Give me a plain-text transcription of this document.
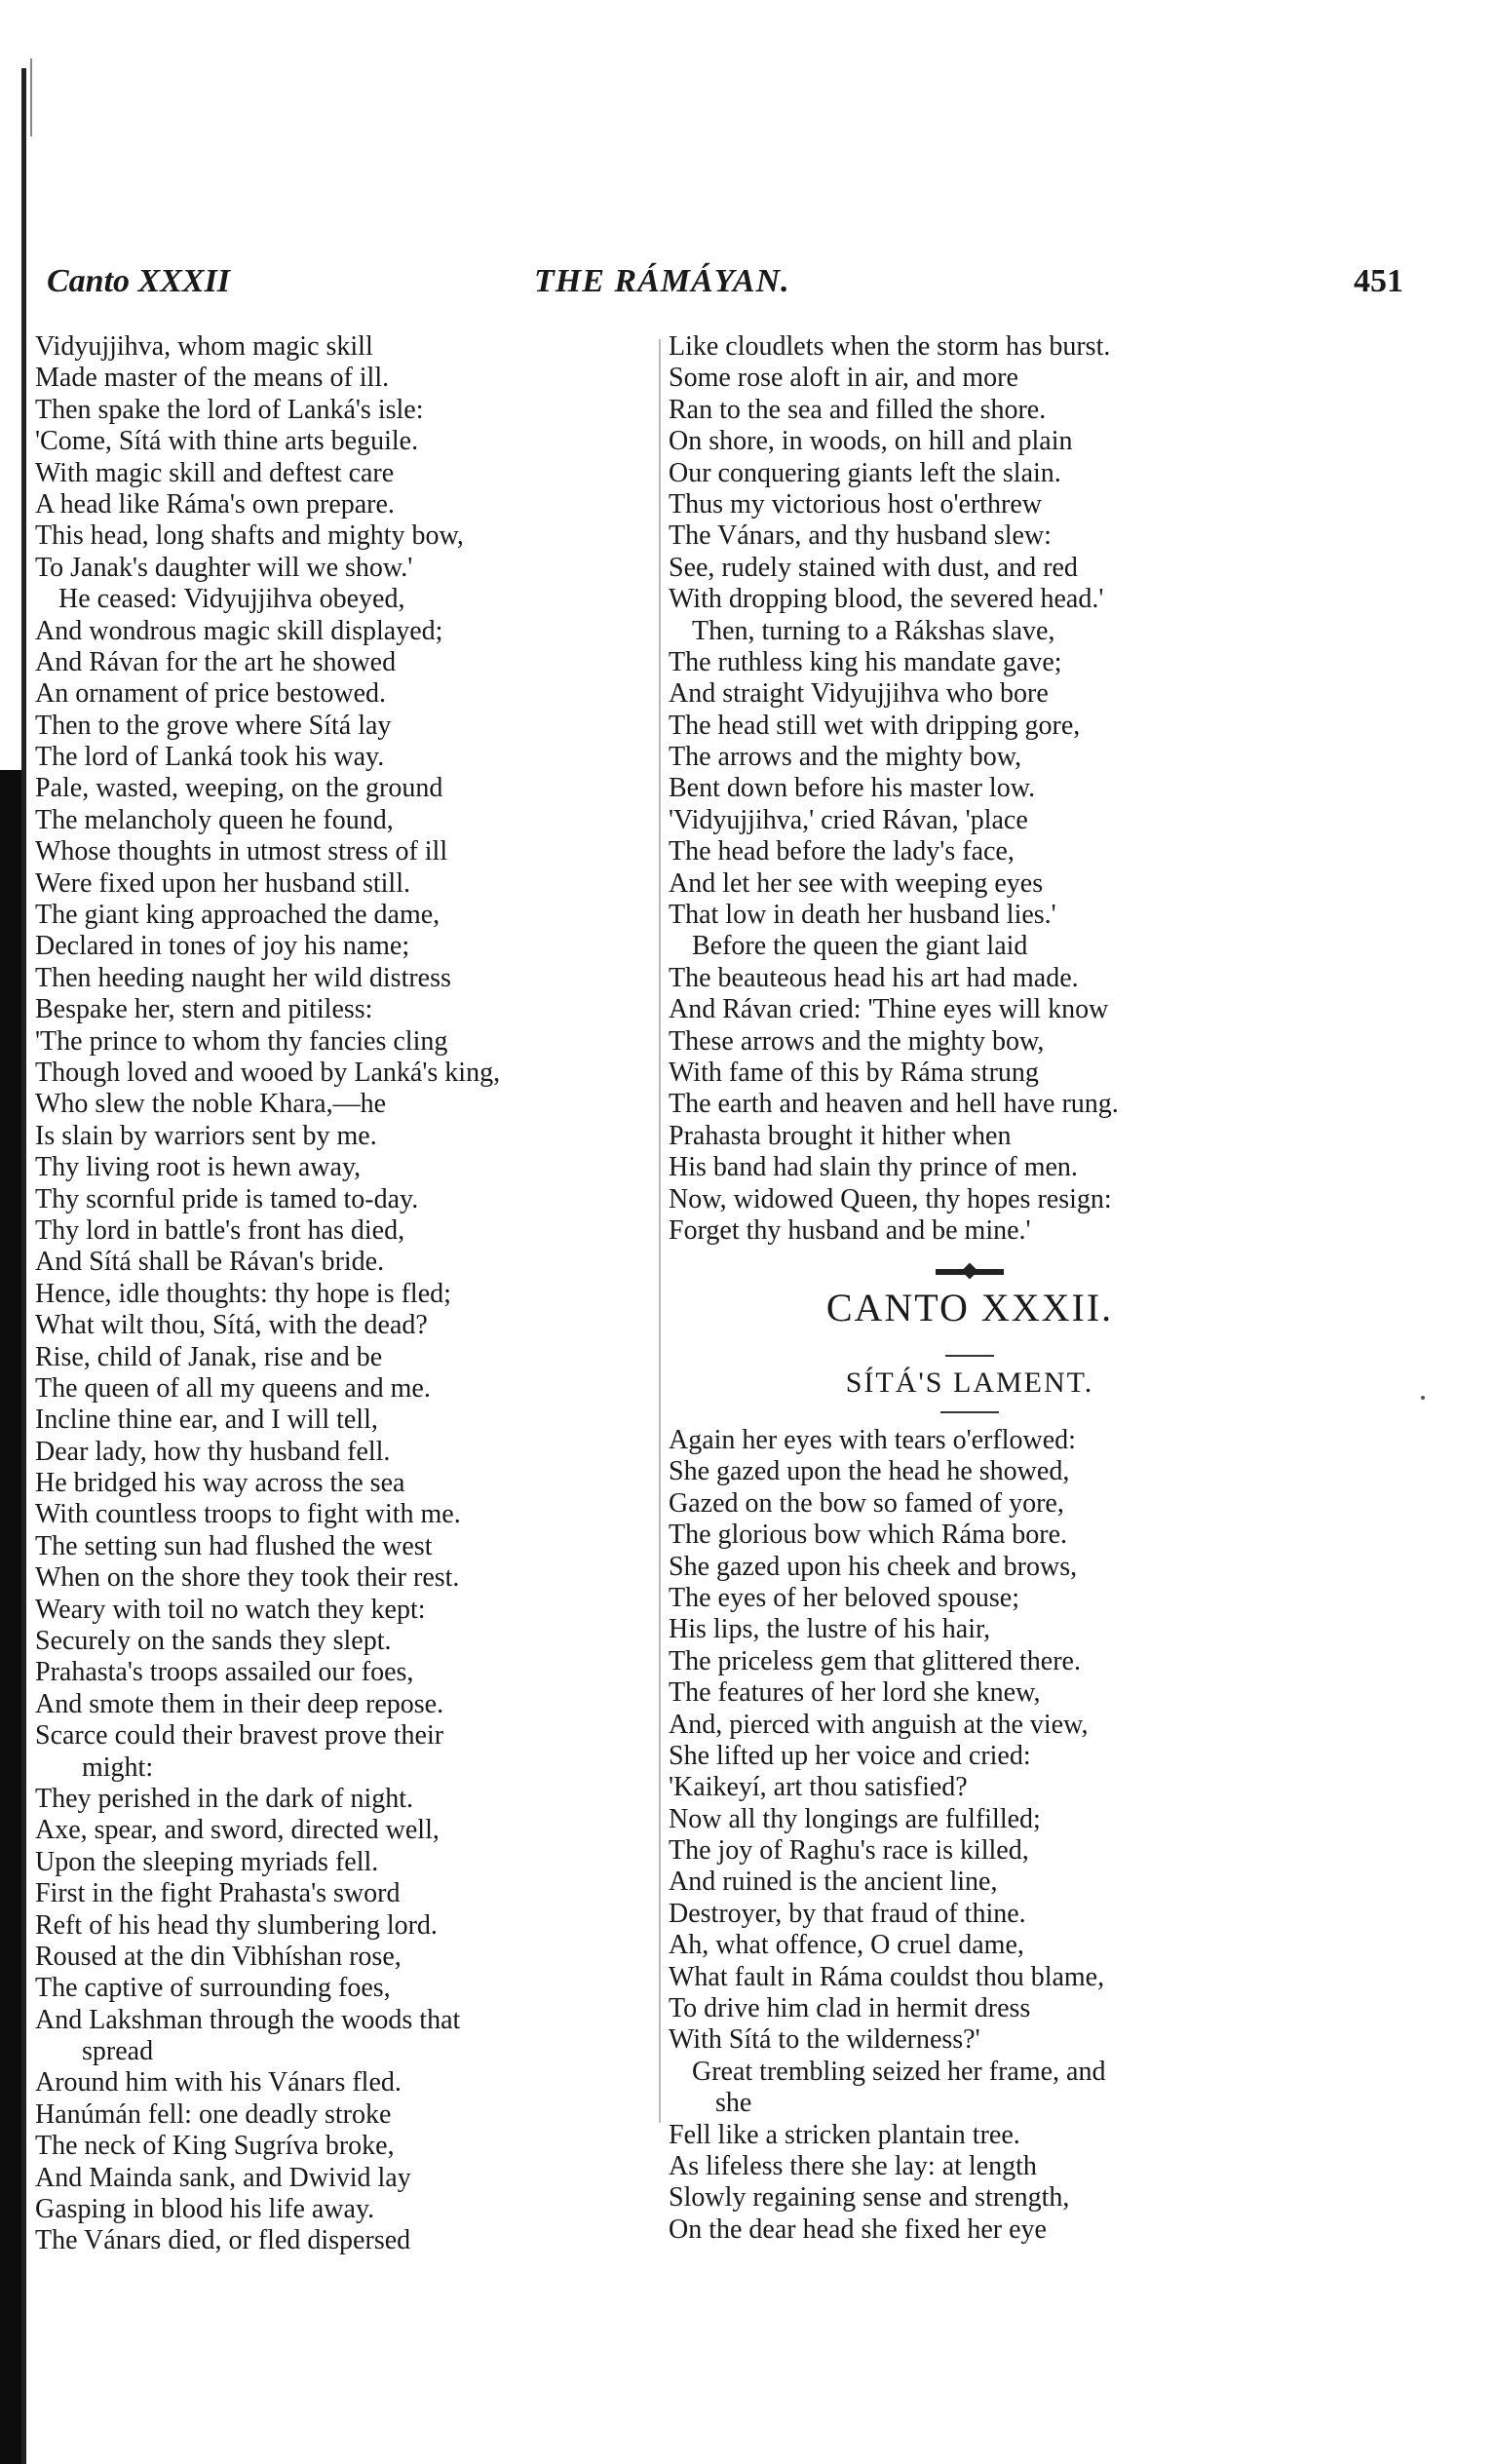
Canto XXXII	THE RÁMÁYAN.	451
Vidyujjihva, whom magic skill
Made master of the means of ill.
Then spake the lord of Lanká's isle:
'Come, Sítá with thine arts beguile.
With magic skill and deftest care
A head like Ráma's own prepare.
This head, long shafts and mighty bow,
To Janak's daughter will we show.'
He ceased: Vidyujjihva obeyed,
And wondrous magic skill displayed;
And Rávan for the art he showed
An ornament of price bestowed.
Then to the grove where Sítá lay
The lord of Lanká took his way.
Pale, wasted, weeping, on the ground
The melancholy queen he found,
Whose thoughts in utmost stress of ill
Were fixed upon her husband still.
The giant king approached the dame,
Declared in tones of joy his name;
Then heeding naught her wild distress
Bespake her, stern and pitiless:
'The prince to whom thy fancies cling
Though loved and wooed by Lanká's king,
Who slew the noble Khara,—he
Is slain by warriors sent by me.
Thy living root is hewn away,
Thy scornful pride is tamed to-day.
Thy lord in battle's front has died,
And Sítá shall be Rávan's bride.
Hence, idle thoughts: thy hope is fled;
What wilt thou, Sítá, with the dead?
Rise, child of Janak, rise and be
The queen of all my queens and me.
Incline thine ear, and I will tell,
Dear lady, how thy husband fell.
He bridged his way across the sea
With countless troops to fight with me.
The setting sun had flushed the west
When on the shore they took their rest.
Weary with toil no watch they kept:
Securely on the sands they slept.
Prahasta's troops assailed our foes,
And smote them in their deep repose.
Scarce could their bravest prove their
might:
They perished in the dark of night.
Axe, spear, and sword, directed well,
Upon the sleeping myriads fell.
First in the fight Prahasta's sword
Reft of his head thy slumbering lord.
Roused at the din Vibhíshan rose,
The captive of surrounding foes,
And Lakshman through the woods that
spread
Around him with his Vánars fled.
Hanúmán fell: one deadly stroke
The neck of King Sugríva broke,
And Mainda sank, and Dwivid lay
Gasping in blood his life away.
The Vánars died, or fled dispersed
Like cloudlets when the storm has burst.
Some rose aloft in air, and more
Ran to the sea and filled the shore.
On shore, in woods, on hill and plain
Our conquering giants left the slain.
Thus my victorious host o'erthrew
The Vánars, and thy husband slew:
See, rudely stained with dust, and red
With dropping blood, the severed head.'
Then, turning to a Rákshas slave,
The ruthless king his mandate gave;
And straight Vidyujjihva who bore
The head still wet with dripping gore,
The arrows and the mighty bow,
Bent down before his master low.
'Vidyujjihva,' cried Rávan, 'place
The head before the lady's face,
And let her see with weeping eyes
That low in death her husband lies.'
Before the queen the giant laid
The beauteous head his art had made.
And Rávan cried: 'Thine eyes will know
These arrows and the mighty bow,
With fame of this by Ráma strung
The earth and heaven and hell have rung.
Prahasta brought it hither when
His band had slain thy prince of men.
Now, widowed Queen, thy hopes resign:
Forget thy husband and be mine.'
CANTO XXXII.
SÍTÁ'S LAMENT.
Again her eyes with tears o'erflowed:
She gazed upon the head he showed,
Gazed on the bow so famed of yore,
The glorious bow which Ráma bore.
She gazed upon his cheek and brows,
The eyes of her beloved spouse;
His lips, the lustre of his hair,
The priceless gem that glittered there.
The features of her lord she knew,
And, pierced with anguish at the view,
She lifted up her voice and cried:
'Kaikeyí, art thou satisfied?
Now all thy longings are fulfilled;
The joy of Raghu's race is killed,
And ruined is the ancient line,
Destroyer, by that fraud of thine.
Ah, what offence, O cruel dame,
What fault in Ráma couldst thou blame,
To drive him clad in hermit dress
With Sítá to the wilderness?'
Great trembling seized her frame, and
she
Fell like a stricken plantain tree.
As lifeless there she lay: at length
Slowly regaining sense and strength,
On the dear head she fixed her eye
